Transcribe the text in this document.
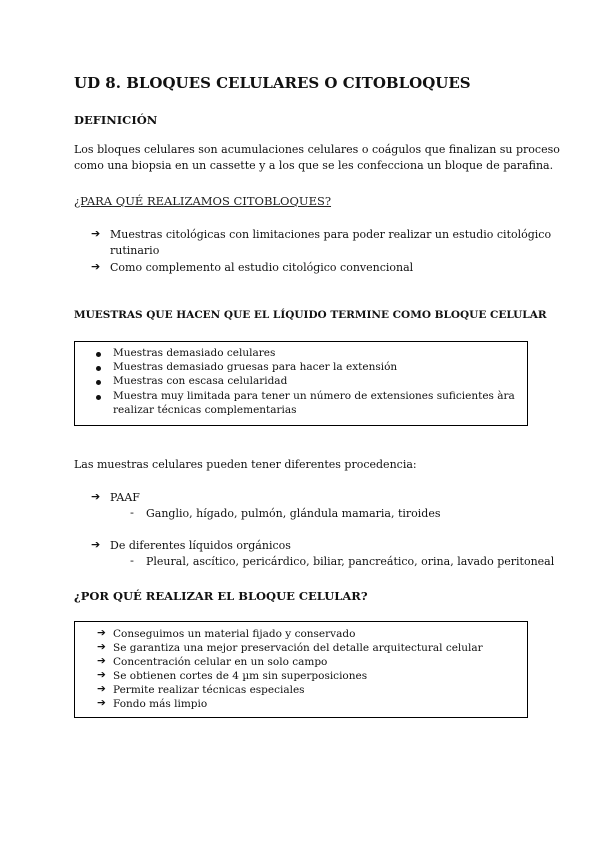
UD 8. BLOQUES CELULARES O CITOBLOQUES
DEFINICIÓN
Los bloques celulares son acumulaciones celulares o coágulos que finalizan su proceso
como una biopsia en un cassette y a los que se les confecciona un bloque de parafina.
¿PARA QUÉ REALIZAMOS CITOBLOQUES?
➔ Muestras citológicas con limitaciones para poder realizar un estudio citológico
rutinario
➔ Como complemento al estudio citológico convencional
MUESTRAS QUE HACEN QUE EL LÍQUIDO TERMINE COMO BLOQUE CELULAR
Muestras demasiado celulares
Muestras demasiado gruesas para hacer la extensión
Muestras con escasa celularidad
Muestra muy limitada para tener un número de extensiones suficientes àra
realizar técnicas complementarias
Las muestras celulares pueden tener diferentes procedencia:
➔ PAAF
- Ganglio, hígado, pulmón, glándula mamaria, tiroides
➔ De diferentes líquidos orgánicos
- Pleural, ascítico, pericárdico, biliar, pancreático, orina, lavado peritoneal
¿POR QUÉ REALIZAR EL BLOQUE CELULAR?
➔ Conseguimos un material fijado y conservado
➔ Se garantiza una mejor preservación del detalle arquitectural celular
➔ Concentración celular en un solo campo
➔ Se obtienen cortes de 4 µm sin superposiciones
➔ Permite realizar técnicas especiales
➔ Fondo más limpio
